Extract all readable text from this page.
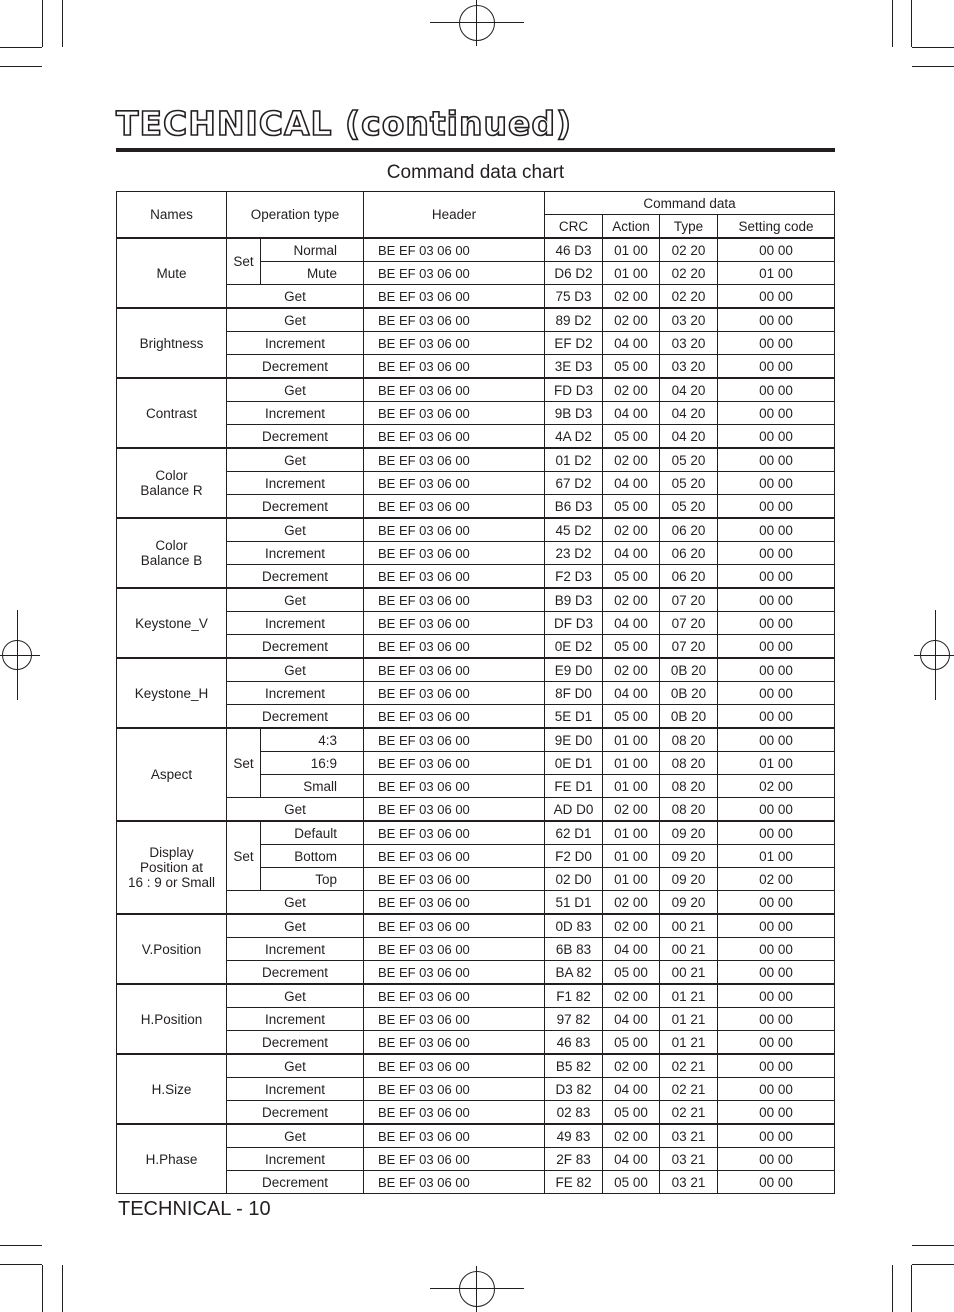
TECHNICAL (continued)
Command data chart
Names	Operation type		Header	Command data			
				CRC	Action	Type	Setting code
Mute	Set	Normal	BE EF 03 06 00	46 D3	01 00	02 20	00 00
		Mute	BE EF 03 06 00	D6 D2	01 00	02 20	01 00
	Get		BE EF 03 06 00	75 D3	02 00	02 20	00 00
Brightness	Get		BE EF 03 06 00	89 D2	02 00	03 20	00 00
	Increment		BE EF 03 06 00	EF D2	04 00	03 20	00 00
	Decrement		BE EF 03 06 00	3E D3	05 00	03 20	00 00
Contrast	Get		BE EF 03 06 00	FD D3	02 00	04 20	00 00
	Increment		BE EF 03 06 00	9B D3	04 00	04 20	00 00
	Decrement		BE EF 03 06 00	4A D2	05 00	04 20	00 00
Color
Balance R	Get		BE EF 03 06 00	01 D2	02 00	05 20	00 00
	Increment		BE EF 03 06 00	67 D2	04 00	05 20	00 00
	Decrement		BE EF 03 06 00	B6 D3	05 00	05 20	00 00
Color
Balance B	Get		BE EF 03 06 00	45 D2	02 00	06 20	00 00
	Increment		BE EF 03 06 00	23 D2	04 00	06 20	00 00
	Decrement		BE EF 03 06 00	F2 D3	05 00	06 20	00 00
Keystone_V	Get		BE EF 03 06 00	B9 D3	02 00	07 20	00 00
	Increment		BE EF 03 06 00	DF D3	04 00	07 20	00 00
	Decrement		BE EF 03 06 00	0E D2	05 00	07 20	00 00
Keystone_H	Get		BE EF 03 06 00	E9 D0	02 00	0B 20	00 00
	Increment		BE EF 03 06 00	8F D0	04 00	0B 20	00 00
	Decrement		BE EF 03 06 00	5E D1	05 00	0B 20	00 00
Aspect	Set	4:3	BE EF 03 06 00	9E D0	01 00	08 20	00 00
		16:9	BE EF 03 06 00	0E D1	01 00	08 20	01 00
		Small	BE EF 03 06 00	FE D1	01 00	08 20	02 00
	Get		BE EF 03 06 00	AD D0	02 00	08 20	00 00
Display
Position at
16 : 9 or Small	Set	Default	BE EF 03 06 00	62 D1	01 00	09 20	00 00
		Bottom	BE EF 03 06 00	F2 D0	01 00	09 20	01 00
		Top	BE EF 03 06 00	02 D0	01 00	09 20	02 00
	Get		BE EF 03 06 00	51 D1	02 00	09 20	00 00
V.Position	Get		BE EF 03 06 00	0D 83	02 00	00 21	00 00
	Increment		BE EF 03 06 00	6B 83	04 00	00 21	00 00
	Decrement		BE EF 03 06 00	BA 82	05 00	00 21	00 00
H.Position	Get		BE EF 03 06 00	F1 82	02 00	01 21	00 00
	Increment		BE EF 03 06 00	97 82	04 00	01 21	00 00
	Decrement		BE EF 03 06 00	46 83	05 00	01 21	00 00
H.Size	Get		BE EF 03 06 00	B5 82	02 00	02 21	00 00
	Increment		BE EF 03 06 00	D3 82	04 00	02 21	00 00
	Decrement		BE EF 03 06 00	02 83	05 00	02 21	00 00
H.Phase	Get		BE EF 03 06 00	49 83	02 00	03 21	00 00
	Increment		BE EF 03 06 00	2F 83	04 00	03 21	00 00
	Decrement		BE EF 03 06 00	FE 82	05 00	03 21	00 00
TECHNICAL - 10
